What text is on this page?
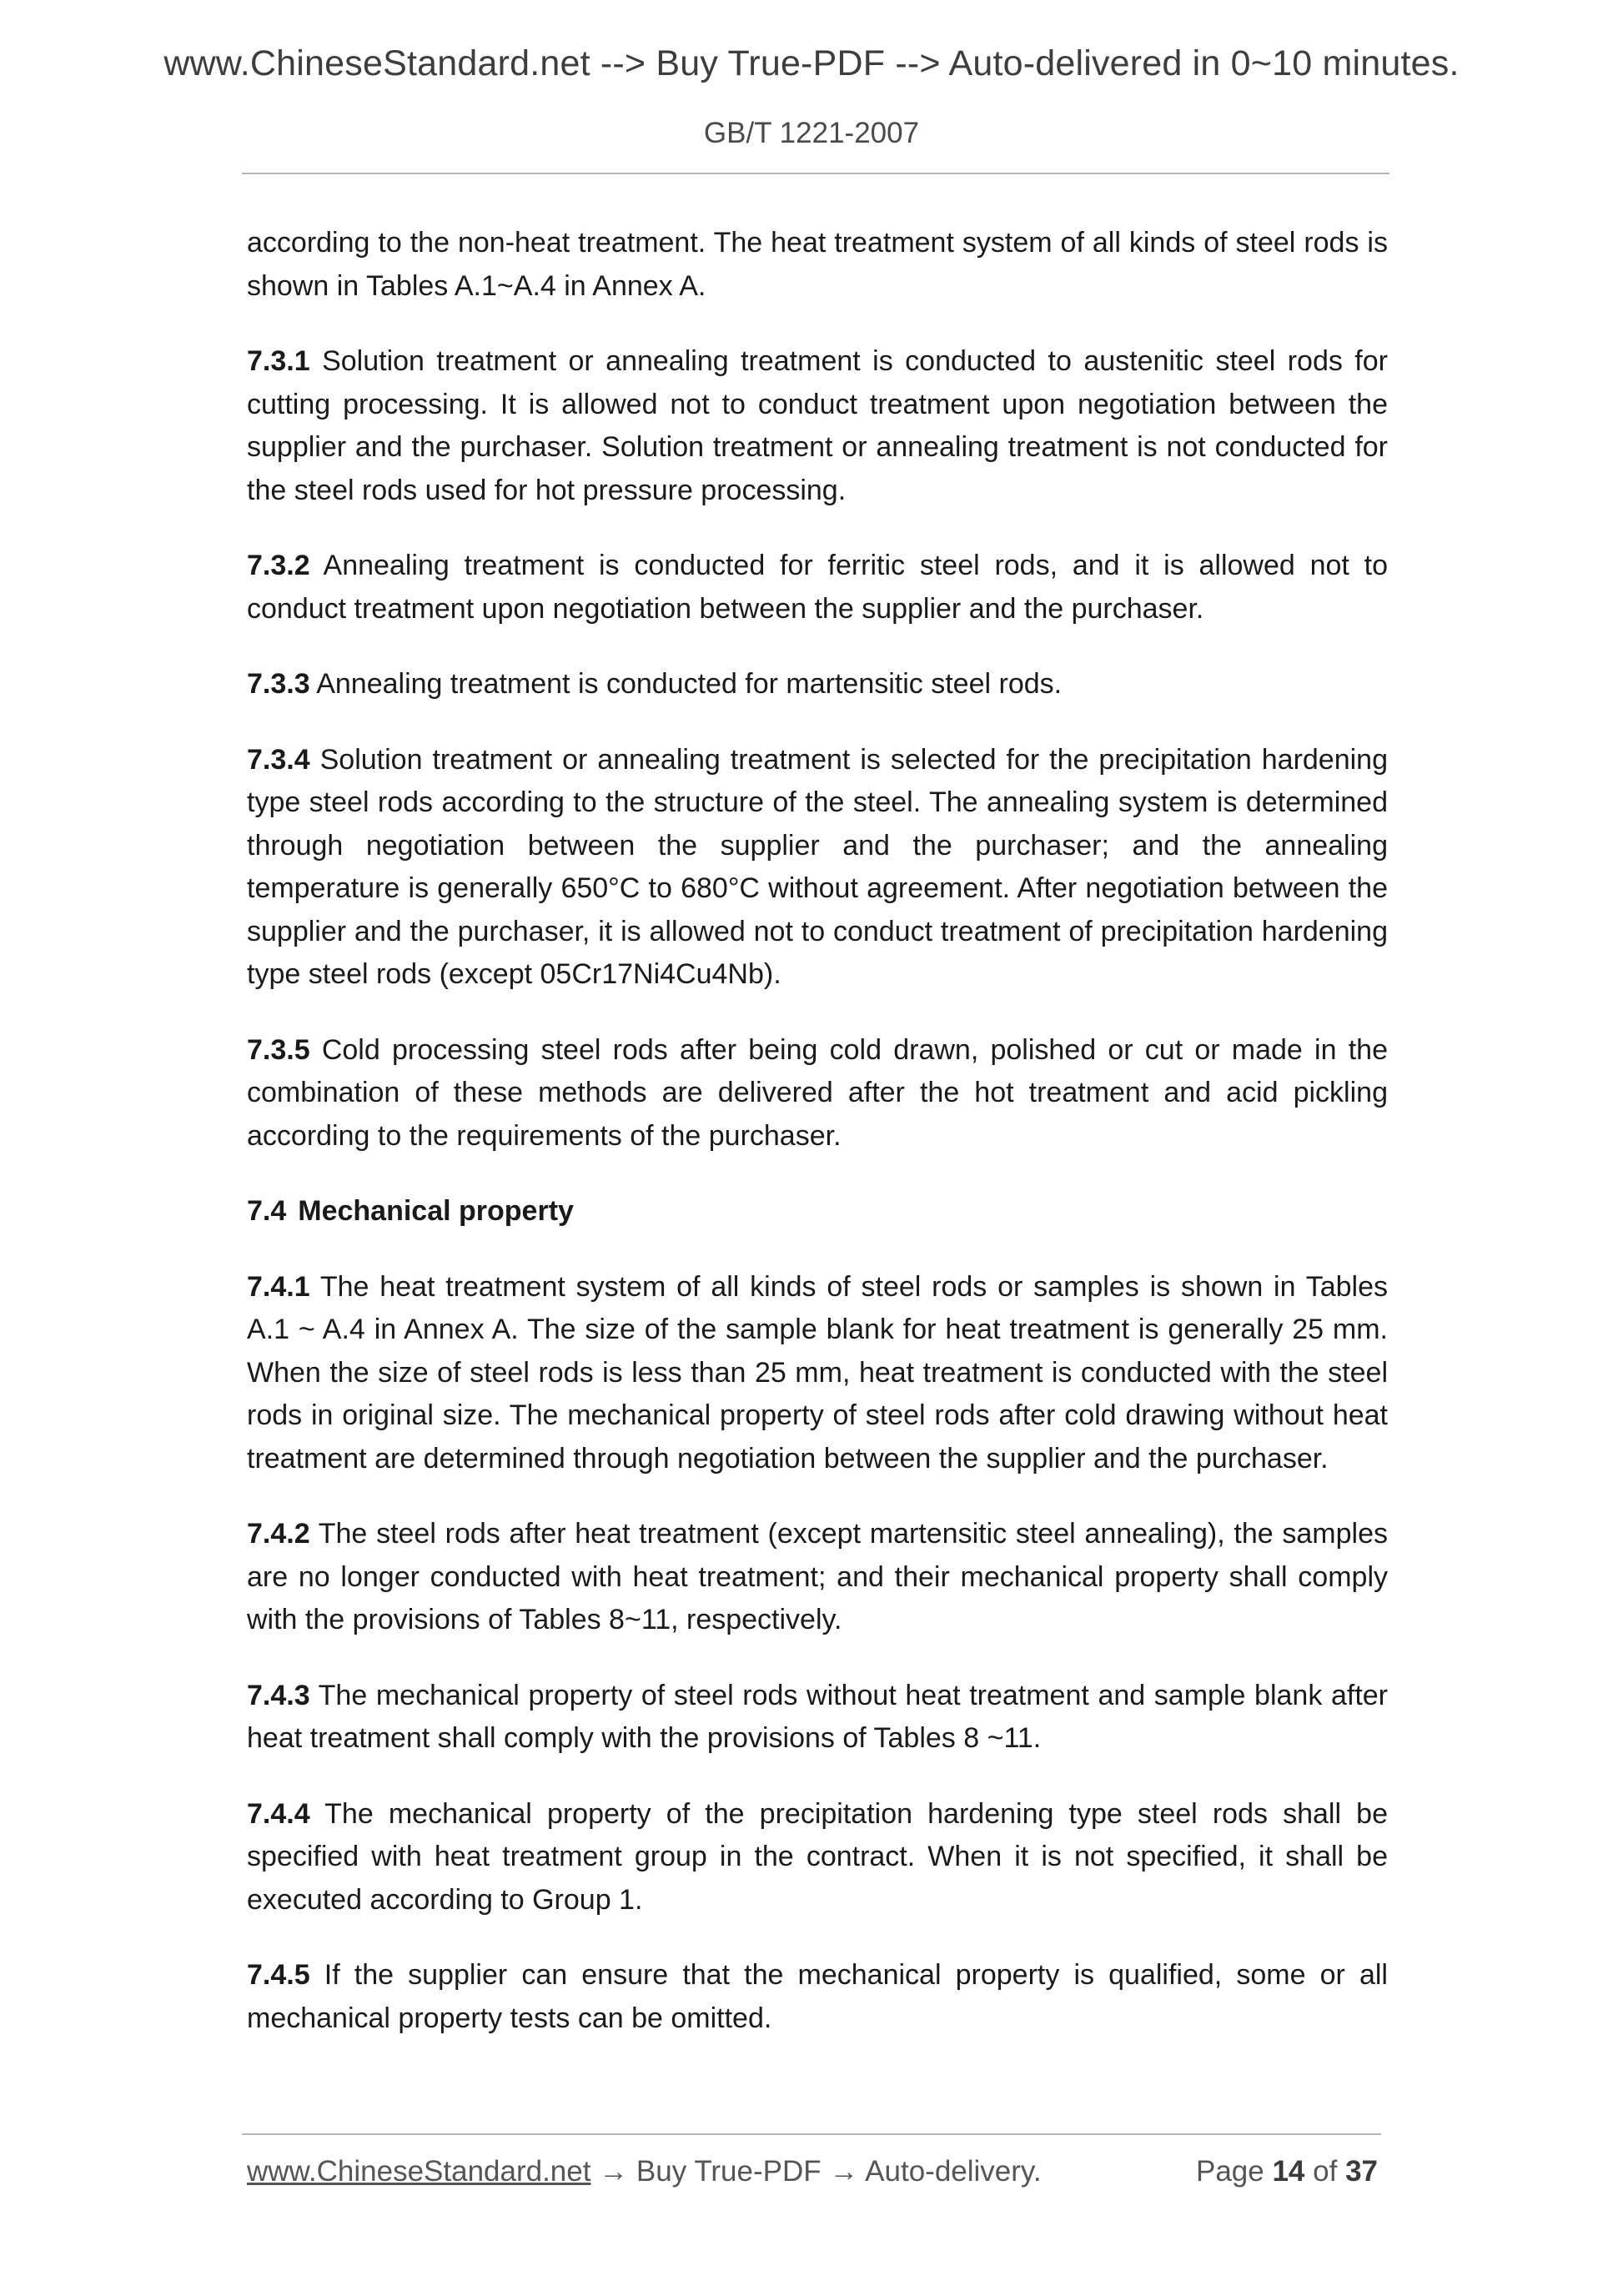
www.ChineseStandard.net --> Buy True-PDF --> Auto-delivered in 0~10 minutes.
GB/T 1221-2007

according to the non-heat treatment. The heat treatment system of all kinds of steel rods is shown in Tables A.1~A.4 in Annex A.

7.3.1 Solution treatment or annealing treatment is conducted to austenitic steel rods for cutting processing. It is allowed not to conduct treatment upon negotiation between the supplier and the purchaser. Solution treatment or annealing treatment is not conducted for the steel rods used for hot pressure processing.

7.3.2 Annealing treatment is conducted for ferritic steel rods, and it is allowed not to conduct treatment upon negotiation between the supplier and the purchaser.

7.3.3 Annealing treatment is conducted for martensitic steel rods.

7.3.4 Solution treatment or annealing treatment is selected for the precipitation hardening type steel rods according to the structure of the steel. The annealing system is determined through negotiation between the supplier and the purchaser; and the annealing temperature is generally 650°C to 680°C without agreement. After negotiation between the supplier and the purchaser, it is allowed not to conduct treatment of precipitation hardening type steel rods (except 05Cr17Ni4Cu4Nb).

7.3.5 Cold processing steel rods after being cold drawn, polished or cut or made in the combination of these methods are delivered after the hot treatment and acid pickling according to the requirements of the purchaser.

7.4 Mechanical property

7.4.1 The heat treatment system of all kinds of steel rods or samples is shown in Tables A.1 ~ A.4 in Annex A. The size of the sample blank for heat treatment is generally 25 mm. When the size of steel rods is less than 25 mm, heat treatment is conducted with the steel rods in original size. The mechanical property of steel rods after cold drawing without heat treatment are determined through negotiation between the supplier and the purchaser.

7.4.2 The steel rods after heat treatment (except martensitic steel annealing), the samples are no longer conducted with heat treatment; and their mechanical property shall comply with the provisions of Tables 8~11, respectively.

7.4.3 The mechanical property of steel rods without heat treatment and sample blank after heat treatment shall comply with the provisions of Tables 8 ~11.

7.4.4 The mechanical property of the precipitation hardening type steel rods shall be specified with heat treatment group in the contract. When it is not specified, it shall be executed according to Group 1.

7.4.5 If the supplier can ensure that the mechanical property is qualified, some or all mechanical property tests can be omitted.

www.ChineseStandard.net → Buy True-PDF → Auto-delivery.	Page 14 of 37
